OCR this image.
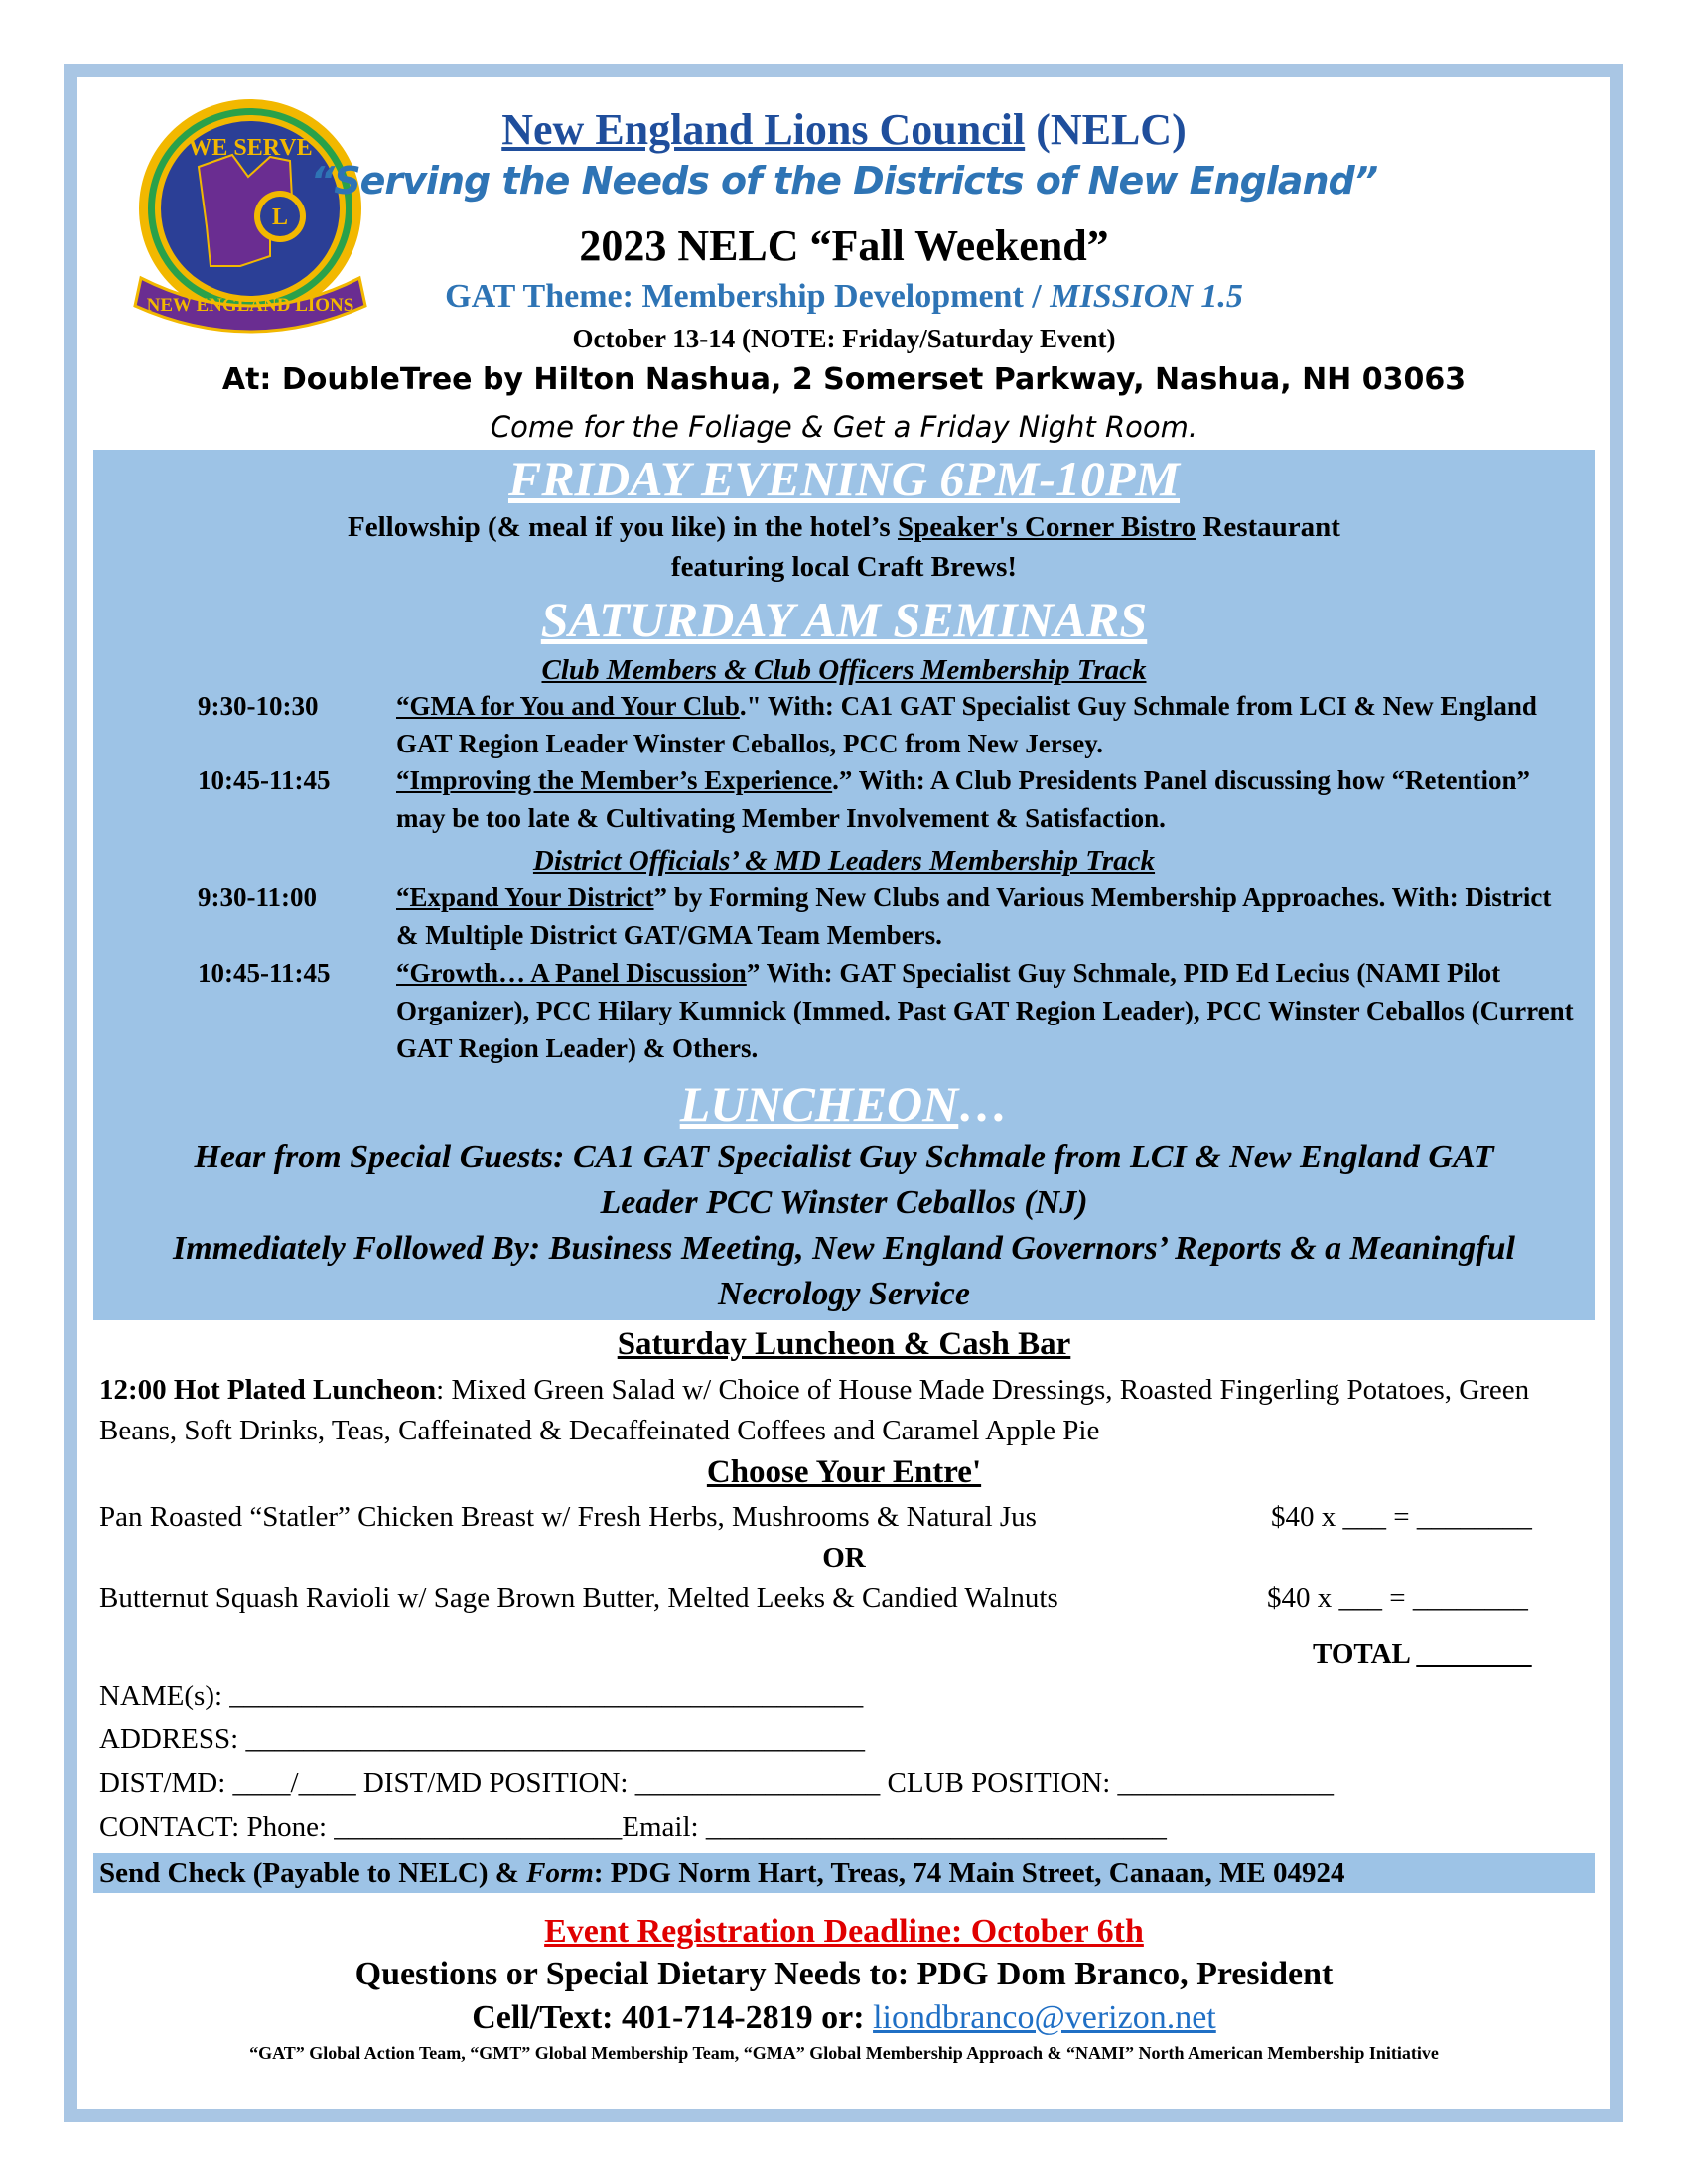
L
WE SERVE
NEW ENGLAND LIONS
New England Lions Council (NELC)
“Serving the Needs of the Districts of New England”
2023 NELC “Fall Weekend”
GAT Theme: Membership Development / MISSION 1.5
October 13-14 (NOTE: Friday/Saturday Event)
At: DoubleTree by Hilton Nashua, 2 Somerset Parkway, Nashua, NH 03063
Come for the Foliage & Get a Friday Night Room.
FRIDAY EVENING 6PM-10PM
Fellowship (& meal if you like) in the hotel’s Speaker's Corner Bistro Restaurant
featuring local Craft Brews!
SATURDAY AM SEMINARS
Club Members & Club Officers Membership Track
9:30-10:30	“GMA for You and Your Club." With: CA1 GAT Specialist Guy Schmale from LCI & New England GAT Region Leader Winster Ceballos, PCC from New Jersey.
10:45-11:45	“Improving the Member’s Experience.” With: A Club Presidents Panel discussing how “Retention” may be too late & Cultivating Member Involvement & Satisfaction.
District Officials’ & MD Leaders Membership Track
9:30-11:00	“Expand Your District” by Forming New Clubs and Various Membership Approaches. With: District & Multiple District GAT/GMA Team Members.
10:45-11:45	“Growth… A Panel Discussion” With: GAT Specialist Guy Schmale, PID Ed Lecius (NAMI Pilot Organizer), PCC Hilary Kumnick (Immed. Past GAT Region Leader), PCC Winster Ceballos (Current GAT Region Leader) & Others.
LUNCHEON…
Hear from Special Guests: CA1 GAT Specialist Guy Schmale from LCI & New England GAT Leader PCC Winster Ceballos (NJ)
Immediately Followed By: Business Meeting, New England Governors’ Reports & a Meaningful Necrology Service
Saturday Luncheon & Cash Bar
12:00 Hot Plated Luncheon: Mixed Green Salad w/ Choice of House Made Dressings, Roasted Fingerling Potatoes, Green Beans, Soft Drinks, Teas, Caffeinated & Decaffeinated Coffees and Caramel Apple Pie
Choose Your Entre'
Pan Roasted “Statler” Chicken Breast w/ Fresh Herbs, Mushrooms & Natural Jus	$40 x ___ = ________
OR
Butternut Squash Ravioli w/ Sage Brown Butter, Melted Leeks & Candied Walnuts	$40 x ___ = ________
TOTAL ________
NAME(s): ____________________________________________
ADDRESS: ___________________________________________
DIST/MD: ____/____ DIST/MD POSITION: _________________ CLUB POSITION: _______________
CONTACT: Phone: ____________________Email: ________________________________
Send Check (Payable to NELC) & Form: PDG Norm Hart, Treas, 74 Main Street, Canaan, ME 04924
Event Registration Deadline: October 6th
Questions or Special Dietary Needs to: PDG Dom Branco, President
Cell/Text: 401-714-2819 or: liondbranco@verizon.net
“GAT” Global Action Team, “GMT” Global Membership Team, “GMA” Global Membership Approach & “NAMI” North American Membership Initiative
